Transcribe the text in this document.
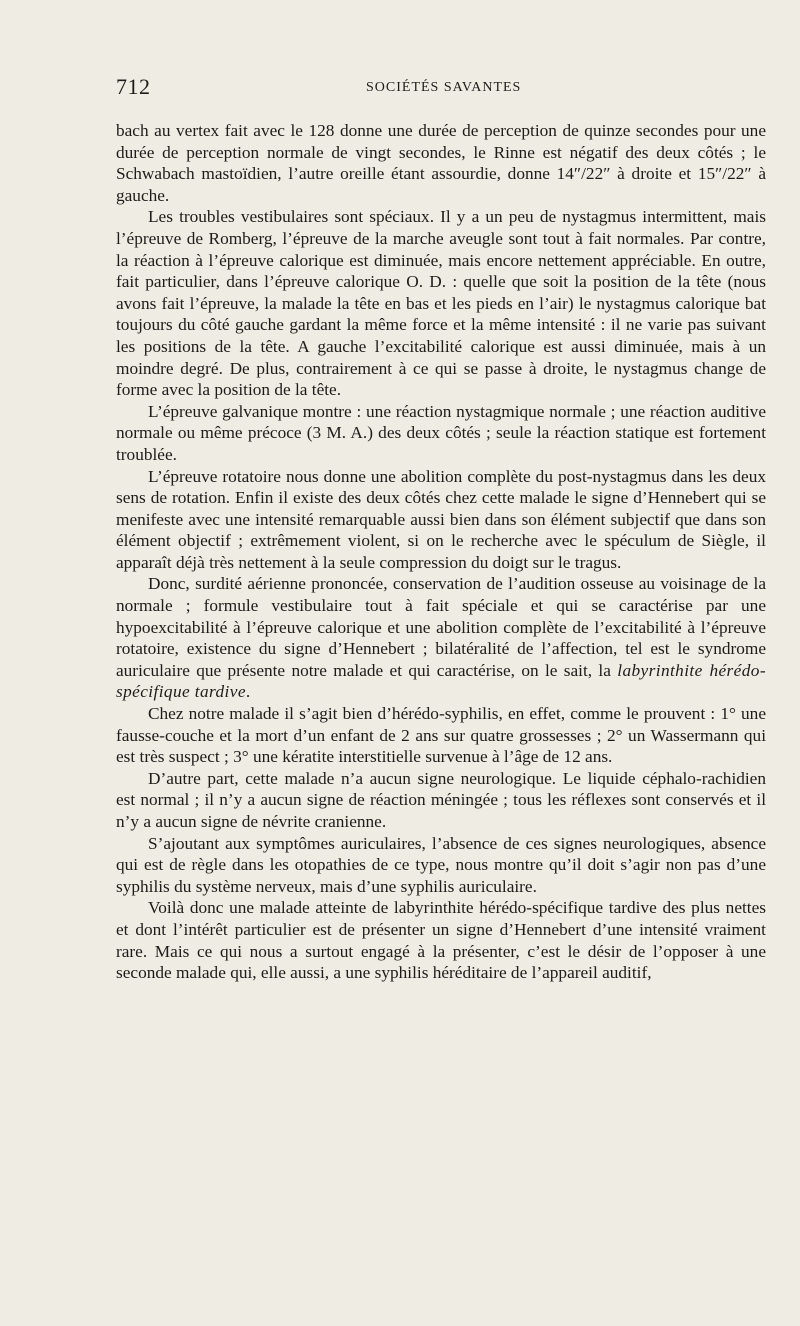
712	SOCIÉTÉS SAVANTES

bach au vertex fait avec le 128 donne une durée de perception de quinze secondes pour une durée de perception normale de vingt secondes, le Rinne est négatif des deux côtés ; le Schwabach mastoïdien, l’autre oreille étant assourdie, donne 14″/22″ à droite et 15″/22″ à gauche.

Les troubles vestibulaires sont spéciaux. Il y a un peu de nystagmus intermittent, mais l’épreuve de Romberg, l’épreuve de la marche aveugle sont tout à fait normales. Par contre, la réaction à l’épreuve calorique est diminuée, mais encore nettement appréciable. En outre, fait particulier, dans l’épreuve calorique O. D. : quelle que soit la position de la tête (nous avons fait l’épreuve, la malade la tête en bas et les pieds en l’air) le nystagmus calorique bat toujours du côté gauche gardant la même force et la même intensité : il ne varie pas suivant les positions de la tête. A gauche l’excitabilité calorique est aussi diminuée, mais à un moindre degré. De plus, contrairement à ce qui se passe à droite, le nystagmus change de forme avec la position de la tête.

L’épreuve galvanique montre : une réaction nystagmique normale ; une réaction auditive normale ou même précoce (3 M. A.) des deux côtés ; seule la réaction statique est fortement troublée.

L’épreuve rotatoire nous donne une abolition complète du post-nystagmus dans les deux sens de rotation. Enfin il existe des deux côtés chez cette malade le signe d’Hennebert qui se menifeste avec une intensité remarquable aussi bien dans son élément subjectif que dans son élément objectif ; extrêmement violent, si on le recherche avec le spéculum de Siègle, il apparaît déjà très nettement à la seule compression du doigt sur le tragus.

Donc, surdité aérienne prononcée, conservation de l’audition osseuse au voisinage de la normale ; formule vestibulaire tout à fait spéciale et qui se caractérise par une hypoexcitabilité à l’épreuve calorique et une abolition complète de l’excitabilité à l’épreuve rotatoire, existence du signe d’Hennebert ; bilatéralité de l’affection, tel est le syndrome auriculaire que présente notre malade et qui caractérise, on le sait, la labyrinthite hérédo-spécifique tardive.

Chez notre malade il s’agit bien d’hérédo-syphilis, en effet, comme le prouvent : 1° une fausse-couche et la mort d’un enfant de 2 ans sur quatre grossesses ; 2° un Wassermann qui est très suspect ; 3° une kératite interstitielle survenue à l’âge de 12 ans.

D’autre part, cette malade n’a aucun signe neurologique. Le liquide céphalo-rachidien est normal ; il n’y a aucun signe de réaction méningée ; tous les réflexes sont conservés et il n’y a aucun signe de névrite cranienne.

S’ajoutant aux symptômes auriculaires, l’absence de ces signes neurologiques, absence qui est de règle dans les otopathies de ce type, nous montre qu’il doit s’agir non pas d’une syphilis du système nerveux, mais d’une syphilis auriculaire.

Voilà donc une malade atteinte de labyrinthite hérédo-spécifique tardive des plus nettes et dont l’intérêt particulier est de présenter un signe d’Hennebert d’une intensité vraiment rare. Mais ce qui nous a surtout engagé à la présenter, c’est le désir de l’opposer à une seconde malade qui, elle aussi, a une syphilis héréditaire de l’appareil auditif,
